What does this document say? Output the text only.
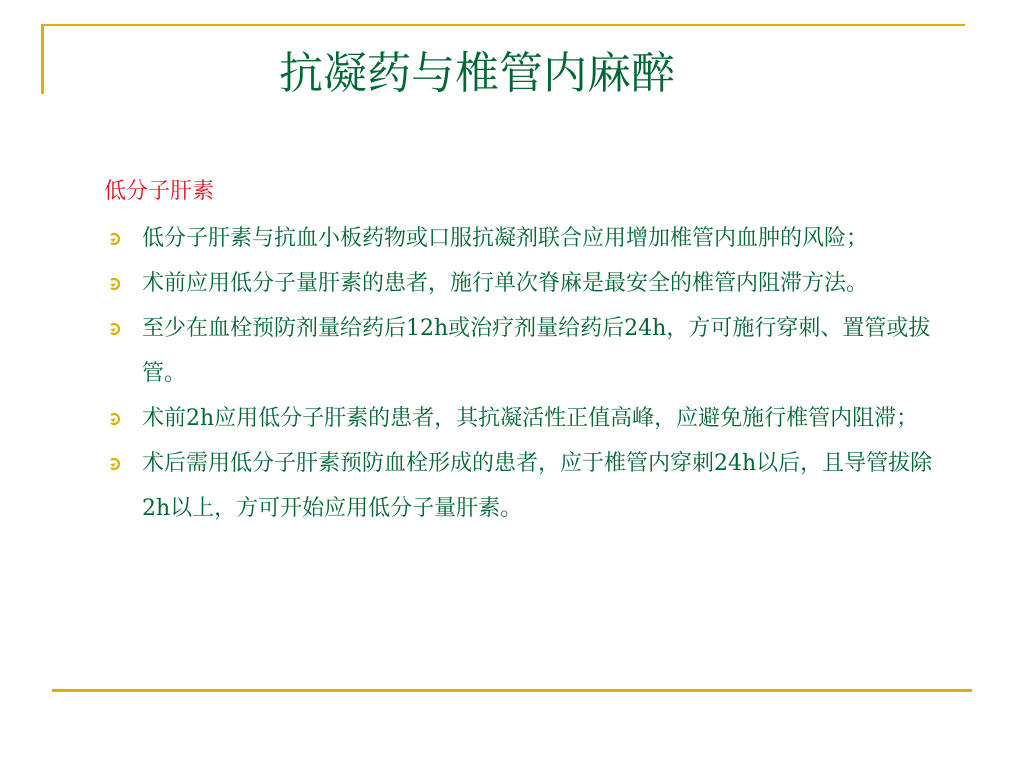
抗凝药与椎管内麻醉
低分子肝素
低分子肝素与抗血小板药物或口服抗凝剂联合应用增加椎管内血肿的风险；
术前应用低分子量肝素的患者，施行单次脊麻是最安全的椎管内阻滞方法。
至少在血栓预防剂量给药后12h或治疗剂量给药后24h，方可施行穿刺、置管或拔管。
术前2h应用低分子肝素的患者，其抗凝活性正值高峰，应避免施行椎管内阻滞；
术后需用低分子肝素预防血栓形成的患者，应于椎管内穿刺24h以后，且导管拔除2h以上，方可开始应用低分子量肝素。
